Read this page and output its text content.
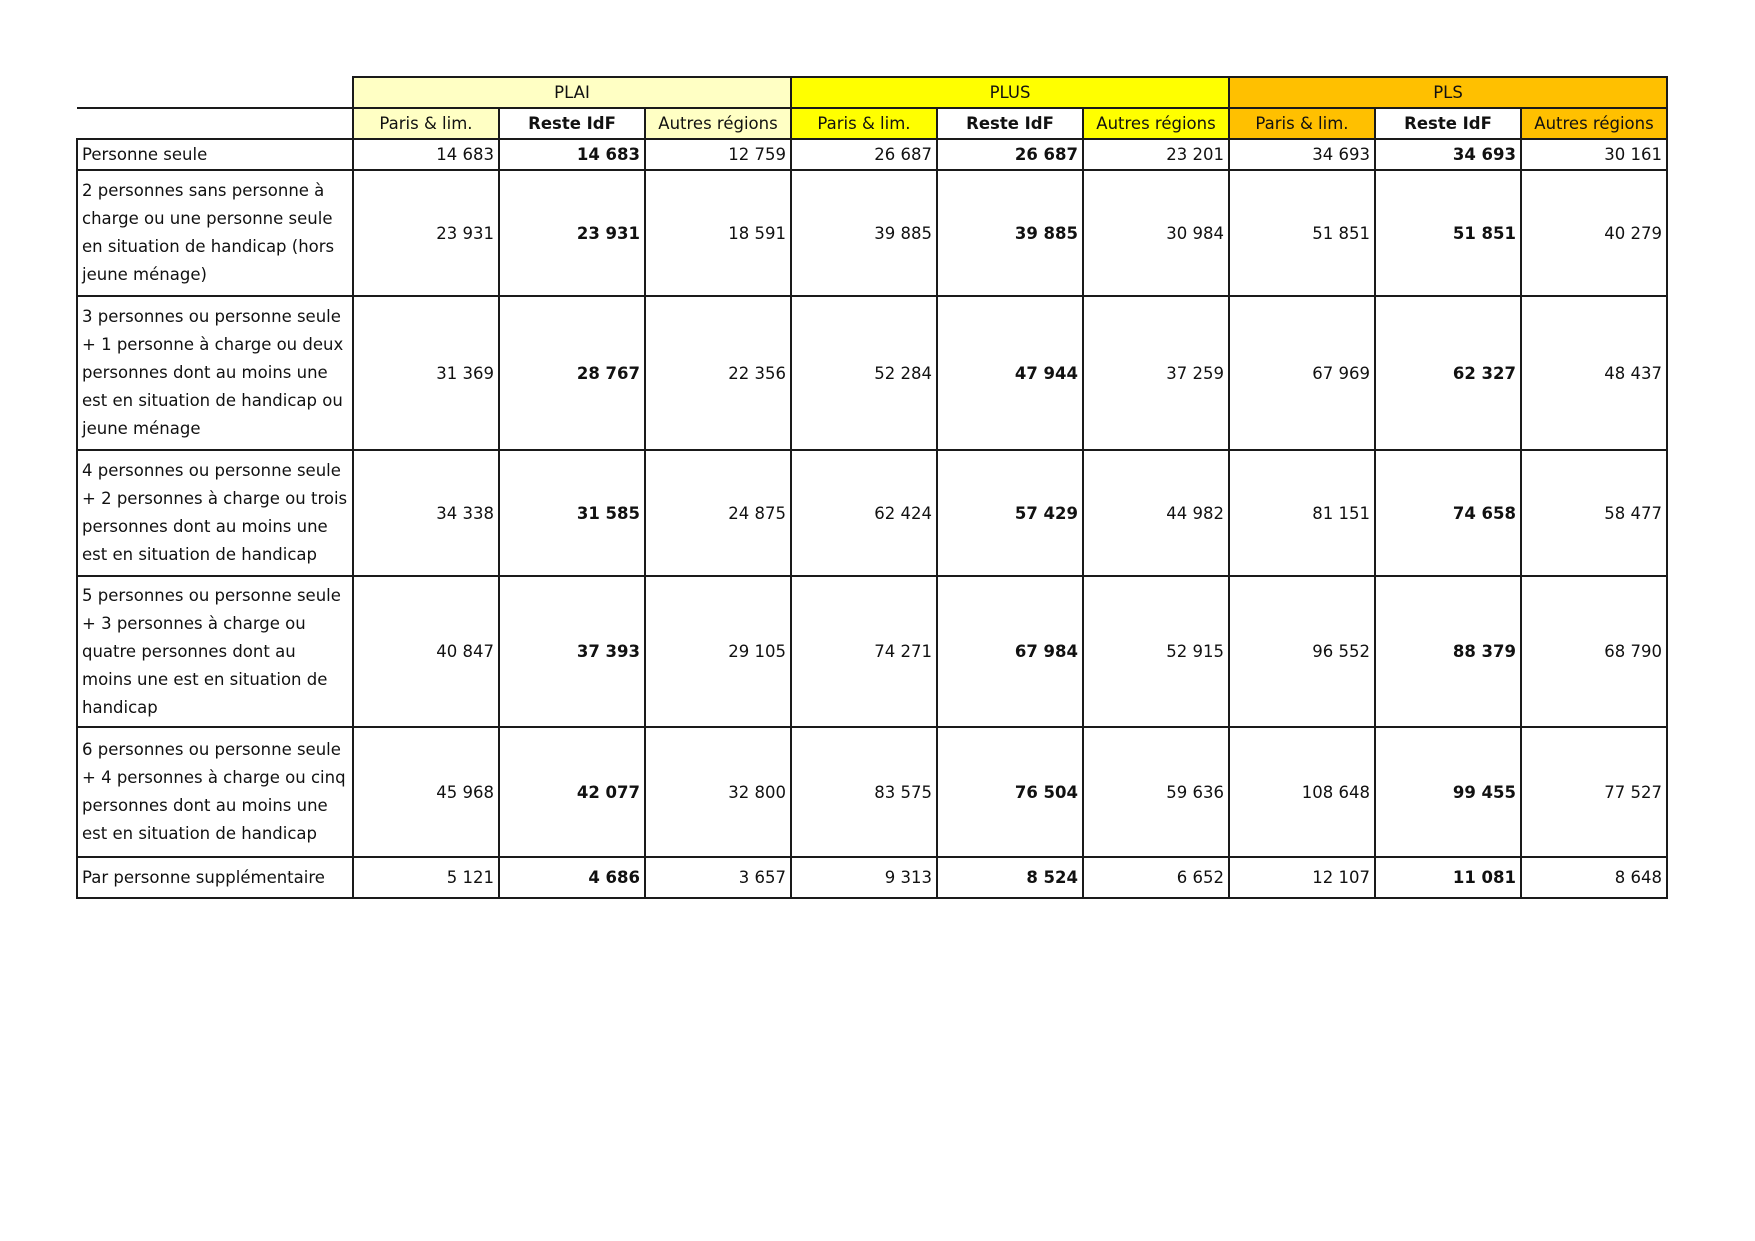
	PLAI			PLUS			PLS		
	Paris & lim.	Reste IdF	Autres régions	Paris & lim.	Reste IdF	Autres régions	Paris & lim.	Reste IdF	Autres régions
Personne seule	14 683	14 683	12 759	26 687	26 687	23 201	34 693	34 693	30 161
2 personnes sans personne à charge ou une personne seule en situation de handicap (hors jeune ménage)	23 931	23 931	18 591	39 885	39 885	30 984	51 851	51 851	40 279
3 personnes ou personne seule + 1 personne à charge ou deux personnes dont au moins une est en situation de handicap ou jeune ménage	31 369	28 767	22 356	52 284	47 944	37 259	67 969	62 327	48 437
4 personnes ou personne seule + 2 personnes à charge ou trois personnes dont au moins une est en situation de handicap	34 338	31 585	24 875	62 424	57 429	44 982	81 151	74 658	58 477
5 personnes ou personne seule + 3 personnes à charge ou quatre personnes dont au moins une est en situation de handicap	40 847	37 393	29 105	74 271	67 984	52 915	96 552	88 379	68 790
6 personnes ou personne seule + 4 personnes à charge ou cinq personnes dont au moins une est en situation de handicap	45 968	42 077	32 800	83 575	76 504	59 636	108 648	99 455	77 527
Par personne supplémentaire	5 121	4 686	3 657	9 313	8 524	6 652	12 107	11 081	8 648
